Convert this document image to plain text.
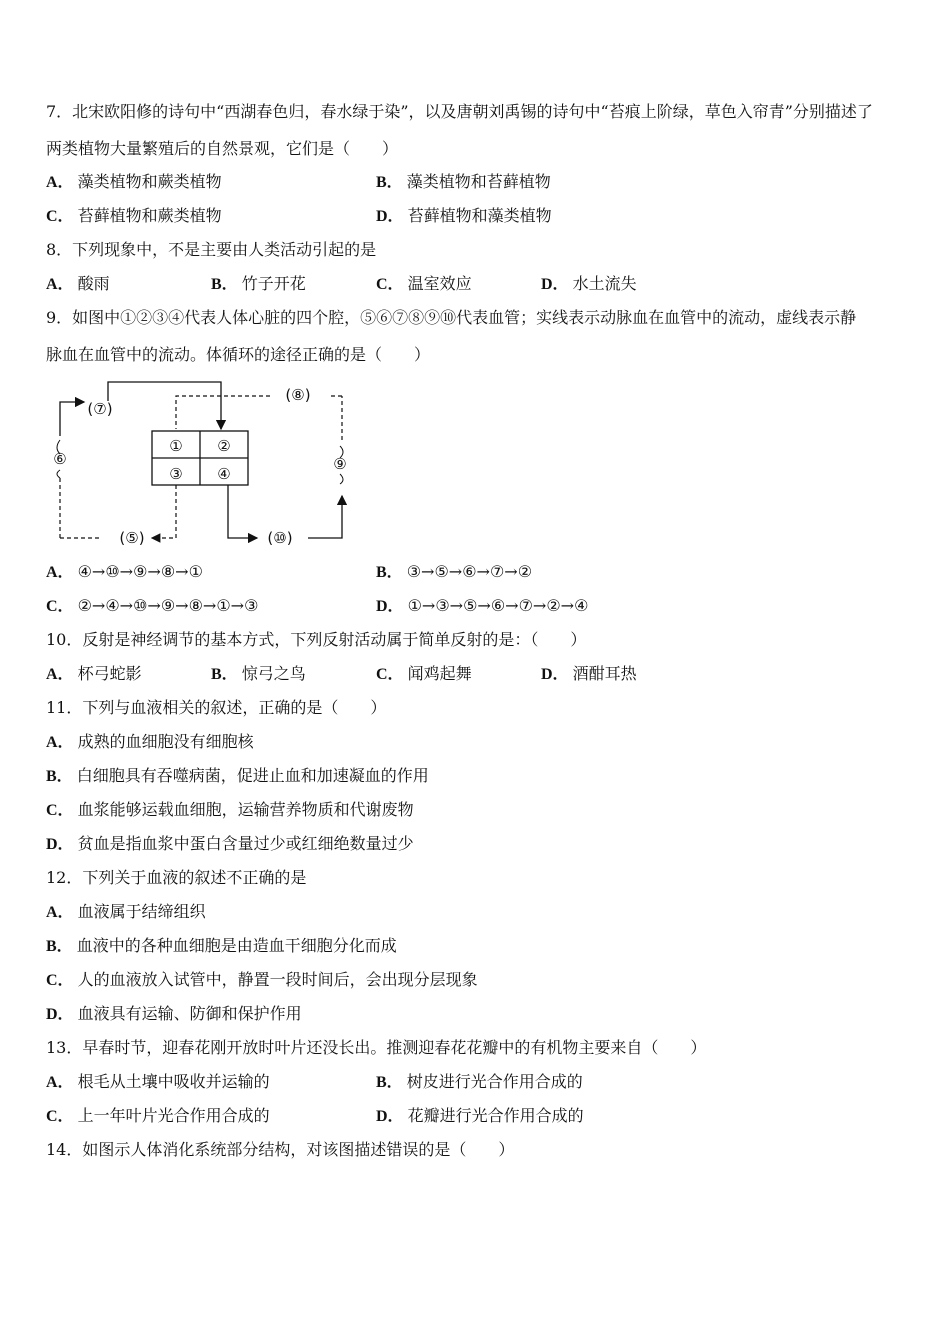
7．北宋欧阳修的诗句中“西湖春色归，春水绿于染”，以及唐朝刘禹锡的诗句中“苔痕上阶绿，草色入帘青”分别描述了
两类植物大量繁殖后的自然景观，它们是（　　）
A． 藻类植物和蕨类植物	B． 藻类植物和苔藓植物
C． 苔藓植物和蕨类植物	D． 苔藓植物和藻类植物
8．下列现象中，不是主要由人类活动引起的是
A． 酸雨	B． 竹子开花	C． 温室效应	D． 水土流失
9．如图中①②③④代表人体心脏的四个腔，⑤⑥⑦⑧⑨⑩代表血管；实线表示动脉血在血管中的流动，虚线表示静
脉血在血管中的流动。体循环的途径正确的是（　　）
① ②
③ ④
(⑦)
⑥
(⑤)	(⑩)
⑨
(⑧)
A． ④→⑩→⑨→⑧→①	B． ③→⑤→⑥→⑦→②
C． ②→④→⑩→⑨→⑧→①→③	D． ①→③→⑤→⑥→⑦→②→④
10．反射是神经调节的基本方式，下列反射活动属于简单反射的是：（　　）
A． 杯弓蛇影	B． 惊弓之鸟	C． 闻鸡起舞	D． 酒酣耳热
11．下列与血液相关的叙述，正确的是（　　）
A． 成熟的血细胞没有细胞核
B． 白细胞具有吞噬病菌，促进止血和加速凝血的作用
C． 血浆能够运载血细胞，运输营养物质和代谢废物
D． 贫血是指血浆中蛋白含量过少或红细绝数量过少
12．下列关于血液的叙述不正确的是
A． 血液属于结缔组织
B． 血液中的各种血细胞是由造血干细胞分化而成
C． 人的血液放入试管中，静置一段时间后，会出现分层现象
D． 血液具有运输、防御和保护作用
13．早春时节，迎春花刚开放时叶片还没长出。推测迎春花花瓣中的有机物主要来自（　　）
A． 根毛从土壤中吸收并运输的	B． 树皮进行光合作用合成的
C． 上一年叶片光合作用合成的	D． 花瓣进行光合作用合成的
14．如图示人体消化系统部分结构，对该图描述错误的是（　　）
